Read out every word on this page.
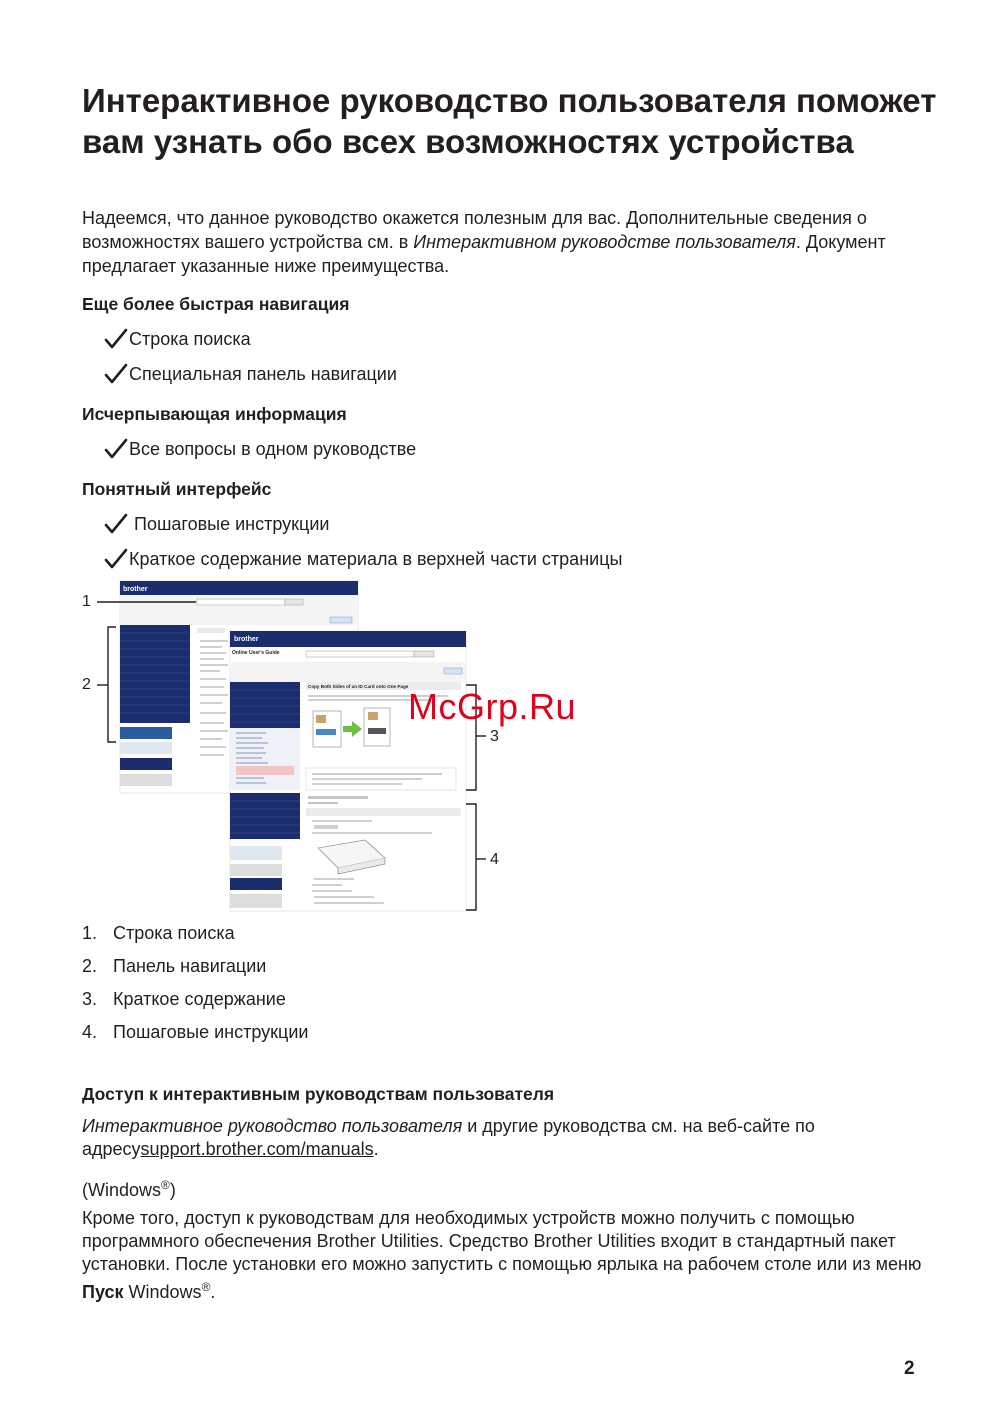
Интерактивное руководство пользователя поможет вам узнать обо всех возможностях устройства

Надеемся, что данное руководство окажется полезным для вас. Дополнительные сведения о возможностях вашего устройства см. в Интерактивном руководстве пользователя. Документ предлагает указанные ниже преимущества.

Еще более быстрая навигация
Строка поиска
Специальная панель навигации
Исчерпывающая информация
Все вопросы в одном руководстве
Понятный интерфейс
Пошаговые инструкции
Краткое содержание материала в верхней части страницы
brother
brother
Online User's Guide
Copy Both Sides of an ID Card onto One Page
1
2
3
4
McGrp.Ru
1. Строка поиска
2. Панель навигации
3. Краткое содержание
4. Пошаговые инструкции
Доступ к интерактивным руководствам пользователя

Интерактивное руководство пользователя и другие руководства см. на веб-сайте по адресуsupport.brother.com/manuals.

(Windows®)

Кроме того, доступ к руководствам для необходимых устройств можно получить с помощью программного обеспечения Brother Utilities. Средство Brother Utilities входит в стандартный пакет установки. После установки его можно запустить с помощью ярлыка на рабочем столе или из меню Пуск Windows®.

2
